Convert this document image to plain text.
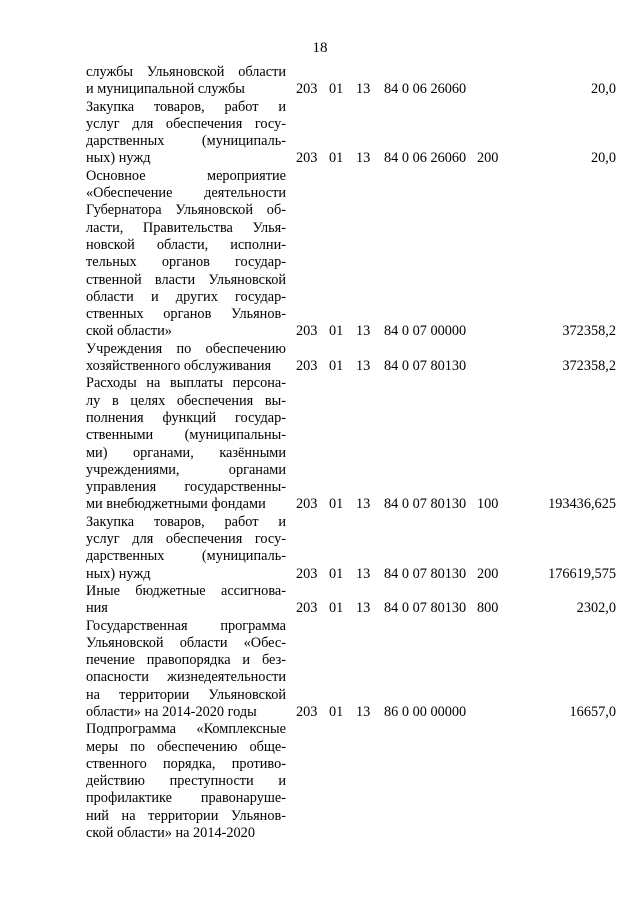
18
службы Ульяновской области
и муниципальной службы	203 01 13 84 0 06 26060	20,0
Закупка товаров, работ и
услуг для обеспечения госу-
дарственных (муниципаль-
ных) нужд	203 01 13 84 0 06 26060 200	20,0
Основное мероприятие
«Обеспечение деятельности
Губернатора Ульяновской об-
ласти, Правительства Улья-
новской области, исполни-
тельных органов государ-
ственной власти Ульяновской
области и других государ-
ственных органов Ульянов-
ской области»	203 01 13 84 0 07 00000	372358,2
Учреждения по обеспечению
хозяйственного обслуживания	203 01 13 84 0 07 80130	372358,2
Расходы на выплаты персона-
лу в целях обеспечения вы-
полнения функций государ-
ственными (муниципальны-
ми) органами, казёнными
учреждениями, органами
управления государственны-
ми внебюджетными фондами	203 01 13 84 0 07 80130 100	193436,625
Закупка товаров, работ и
услуг для обеспечения госу-
дарственных (муниципаль-
ных) нужд	203 01 13 84 0 07 80130 200	176619,575
Иные бюджетные ассигнова-
ния	203 01 13 84 0 07 80130 800	2302,0
Государственная программа
Ульяновской области «Обес-
печение правопорядка и без-
опасности жизнедеятельности
на территории Ульяновской
области» на 2014-2020 годы	203 01 13 86 0 00 00000	16657,0
Подпрограмма «Комплексные
меры по обеспечению обще-
ственного порядка, противо-
действию преступности и
профилактике правонаруше-
ний на территории Ульянов-
ской области» на 2014-2020
